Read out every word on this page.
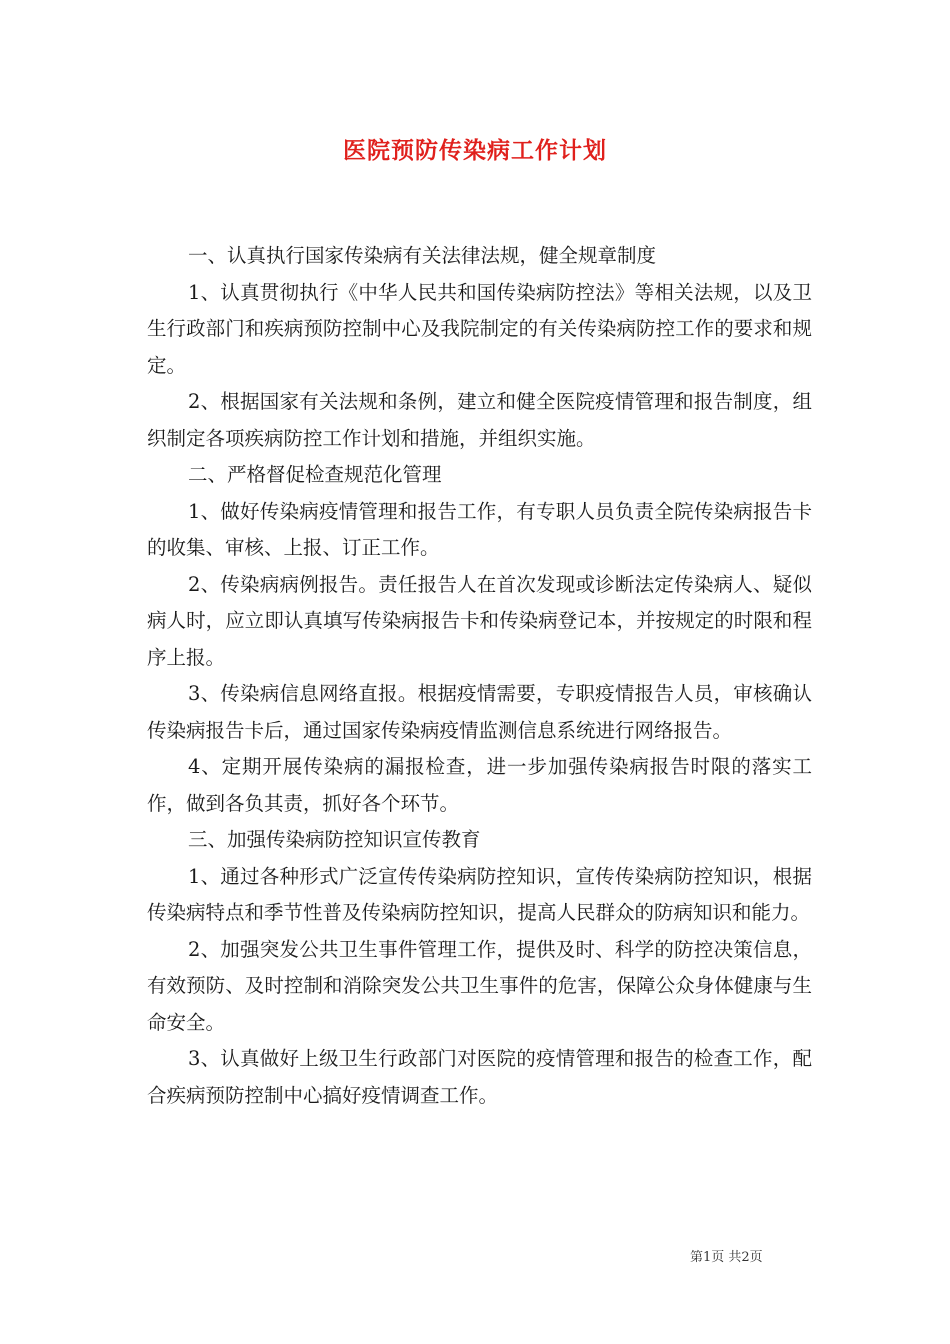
医院预防传染病工作计划

一、认真执行国家传染病有关法律法规，健全规章制度

1、认真贯彻执行《中华人民共和国传染病防控法》等相关法规，以及卫生行政部门和疾病预防控制中心及我院制定的有关传染病防控工作的要求和规定。

2、根据国家有关法规和条例，建立和健全医院疫情管理和报告制度，组织制定各项疾病防控工作计划和措施，并组织实施。

二、严格督促检查规范化管理

1、做好传染病疫情管理和报告工作，有专职人员负责全院传染病报告卡的收集、审核、上报、订正工作。

2、传染病病例报告。责任报告人在首次发现或诊断法定传染病人、疑似病人时，应立即认真填写传染病报告卡和传染病登记本，并按规定的时限和程序上报。

3、传染病信息网络直报。根据疫情需要，专职疫情报告人员，审核确认传染病报告卡后，通过国家传染病疫情监测信息系统进行网络报告。

4、定期开展传染病的漏报检查，进一步加强传染病报告时限的落实工作，做到各负其责，抓好各个环节。

三、加强传染病防控知识宣传教育

1、通过各种形式广泛宣传传染病防控知识，宣传传染病防控知识，根据传染病特点和季节性普及传染病防控知识，提高人民群众的防病知识和能力。

2、加强突发公共卫生事件管理工作，提供及时、科学的防控决策信息，有效预防、及时控制和消除突发公共卫生事件的危害，保障公众身体健康与生命安全。

3、认真做好上级卫生行政部门对医院的疫情管理和报告的检查工作，配合疾病预防控制中心搞好疫情调查工作。

第1页 共2页
